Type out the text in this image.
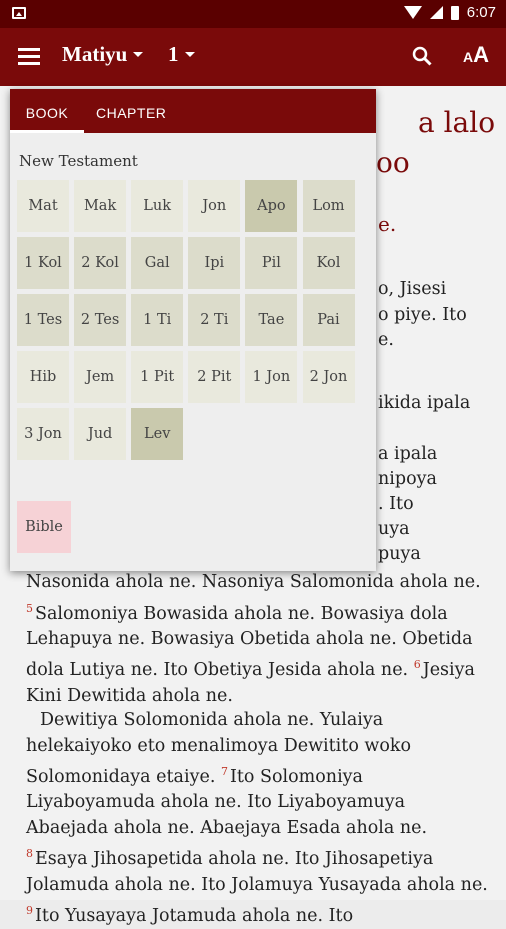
6:07
Matiyu 1	AA
a lalo
oo
e.
o, Jisesi
o piye. Ito
e.
ikida ipala
a ipala
nipoya
. Ito
uya
puya
Nasonida ahola ne. Nasoniya Salomonida ahola ne. $^5$ Salomoniya Bowasida ahola ne. Bowasiya dola Lehapuya ne. Bowasiya Obetida ahola ne. Obetida dola Lutiya ne. Ito Obetiya Jesida ahola ne. $^6$ Jesiya Kini Dewitida ahola ne.
Dewitiya Solomonida ahola ne. Yulaiya helekaiyoko eto menalimoya Dewitito woko Solomonidaya etaiye. $^7$ Ito Solomoniya Liyaboyamuda ahola ne. Ito Liyaboyamuya Abaejada ahola ne. Abaejaya Esada ahola ne. $^8$ Esaya Jihosapetida ahola ne. Ito Jihosapetiya Jolamuda ahola ne. Ito Jolamuya Yusayada ahola ne. $^9$ Ito Yusayaya Jotamuda ahola ne. Ito
BOOK	CHAPTER
New Testament
Mat	Mak	Luk	Jon	Apo	Lom
1 Kol	2 Kol	Gal	Ipi	Pil	Kol
1 Tes	2 Tes	1 Ti	2 Ti	Tae	Pai
Hib	Jem	1 Pit	2 Pit	1 Jon	2 Jon
3 Jon	Jud	Lev
Bible
